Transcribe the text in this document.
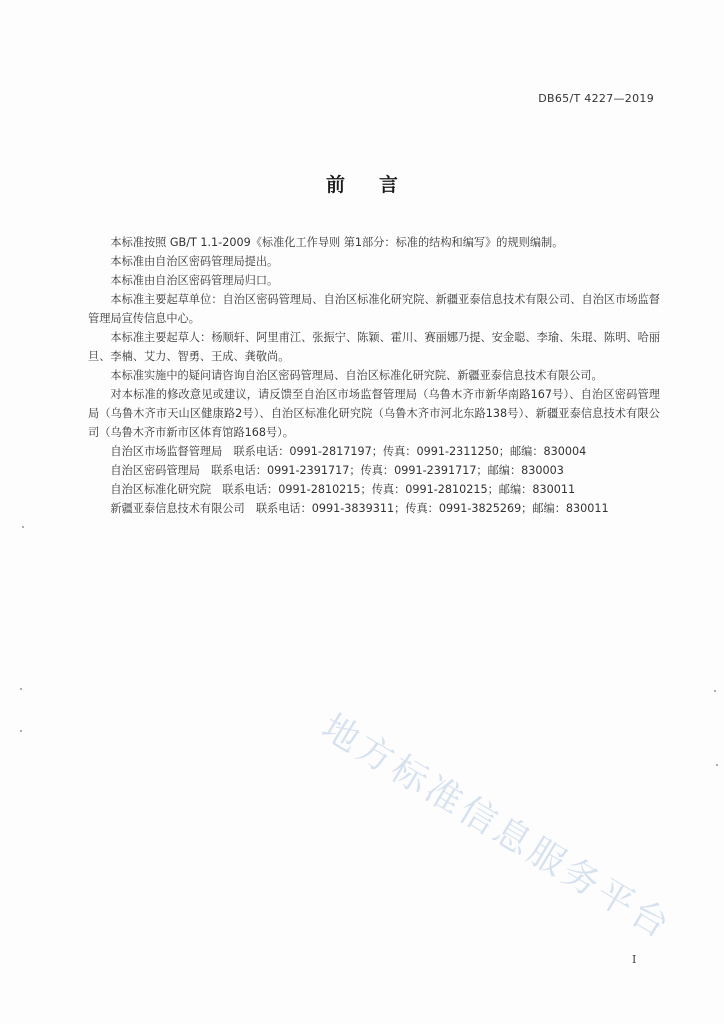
DB65/T 4227—2019
前言

本标准按照 GB/T 1.1-2009《标准化工作导则 第1部分：标准的结构和编写》的规则编制。

本标准由自治区密码管理局提出。

本标准由自治区密码管理局归口。

本标准主要起草单位：自治区密码管理局、自治区标准化研究院、新疆亚泰信息技术有限公司、自治区市场监督管理局宣传信息中心。

本标准主要起草人：杨顺轩、阿里甫江、张振宁、陈颖、霍川、赛丽娜乃提、安金聪、李瑜、朱琨、陈明、哈丽旦、李楠、艾力、智勇、王成、龚敬尚。

本标准实施中的疑问请咨询自治区密码管理局、自治区标准化研究院、新疆亚泰信息技术有限公司。

对本标准的修改意见或建议，请反馈至自治区市场监督管理局（乌鲁木齐市新华南路167号）、自治区密码管理局（乌鲁木齐市天山区健康路2号）、自治区标准化研究院（乌鲁木齐市河北东路138号）、新疆亚泰信息技术有限公司（乌鲁木齐市新市区体育馆路168号）。

自治区市场监督管理局　联系电话：0991-2817197；传真：0991-2311250；邮编：830004

自治区密码管理局　联系电话：0991-2391717；传真：0991-2391717；邮编：830003

自治区标准化研究院　联系电话：0991-2810215；传真：0991-2810215；邮编：830011

新疆亚泰信息技术有限公司　联系电话：0991-3839311；传真：0991-3825269；邮编：830011

地方标准信息服务平台
I
